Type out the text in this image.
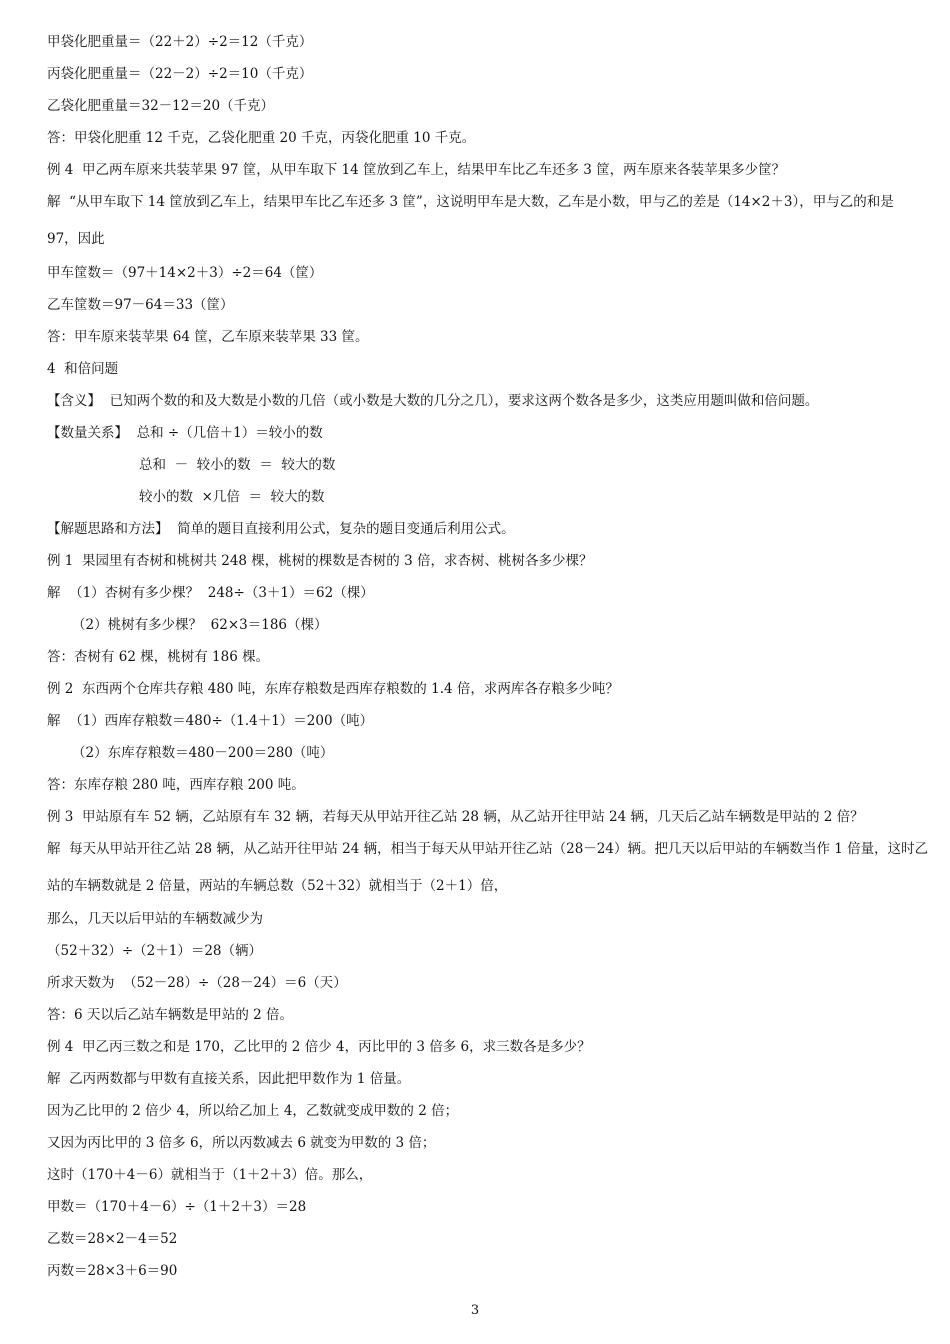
甲袋化肥重量＝（22＋2）÷2＝12（千克）
丙袋化肥重量＝（22－2）÷2＝10（千克）
乙袋化肥重量＝32－12＝20（千克）
答：甲袋化肥重 12 千克，乙袋化肥重 20 千克，丙袋化肥重 10 千克。
例 4  甲乙两车原来共装苹果 97 筐，从甲车取下 14 筐放到乙车上，结果甲车比乙车还多 3 筐，两车原来各装苹果多少筐？
解  “从甲车取下 14 筐放到乙车上，结果甲车比乙车还多 3 筐”，这说明甲车是大数，乙车是小数，甲与乙的差是（14×2＋3），甲与乙的和是
97，因此
甲车筐数＝（97＋14×2＋3）÷2＝64（筐）
乙车筐数＝97－64＝33（筐）
答：甲车原来装苹果 64 筐，乙车原来装苹果 33 筐。
4  和倍问题
【含义】  已知两个数的和及大数是小数的几倍（或小数是大数的几分之几），要求这两个数各是多少，这类应用题叫做和倍问题。
【数量关系】  总和 ÷（几倍＋1）＝较小的数
总和  －  较小的数  ＝  较大的数
较小的数  ×几倍  ＝  较大的数
【解题思路和方法】  简单的题目直接利用公式，复杂的题目变通后利用公式。
例 1  果园里有杏树和桃树共 248 棵，桃树的棵数是杏树的 3 倍，求杏树、桃树各多少棵？
解  （1）杏树有多少棵？  248÷（3＋1）＝62（棵）
（2）桃树有多少棵？  62×3＝186（棵）
答：杏树有 62 棵，桃树有 186 棵。
例 2  东西两个仓库共存粮 480 吨，东库存粮数是西库存粮数的 1.4 倍，求两库各存粮多少吨？
解  （1）西库存粮数＝480÷（1.4＋1）＝200（吨）
（2）东库存粮数＝480－200＝280（吨）
答：东库存粮 280 吨，西库存粮 200 吨。
例 3  甲站原有车 52 辆，乙站原有车 32 辆，若每天从甲站开往乙站 28 辆，从乙站开往甲站 24 辆，几天后乙站车辆数是甲站的 2 倍？
解  每天从甲站开往乙站 28 辆，从乙站开往甲站 24 辆，相当于每天从甲站开往乙站（28－24）辆。把几天以后甲站的车辆数当作 1 倍量，这时乙
站的车辆数就是 2 倍量，两站的车辆总数（52＋32）就相当于（2＋1）倍，
那么，几天以后甲站的车辆数减少为
（52＋32）÷（2＋1）＝28（辆）
所求天数为  （52－28）÷（28－24）＝6（天）
答：6 天以后乙站车辆数是甲站的 2 倍。
例 4  甲乙丙三数之和是 170，乙比甲的 2 倍少 4，丙比甲的 3 倍多 6，求三数各是多少？
解  乙丙两数都与甲数有直接关系，因此把甲数作为 1 倍量。
因为乙比甲的 2 倍少 4，所以给乙加上 4，乙数就变成甲数的 2 倍；
又因为丙比甲的 3 倍多 6，所以丙数减去 6 就变为甲数的 3 倍；
这时（170＋4－6）就相当于（1＋2＋3）倍。那么，
甲数＝（170＋4－6）÷（1＋2＋3）＝28
乙数＝28×2－4＝52
丙数＝28×3＋6＝90
3
